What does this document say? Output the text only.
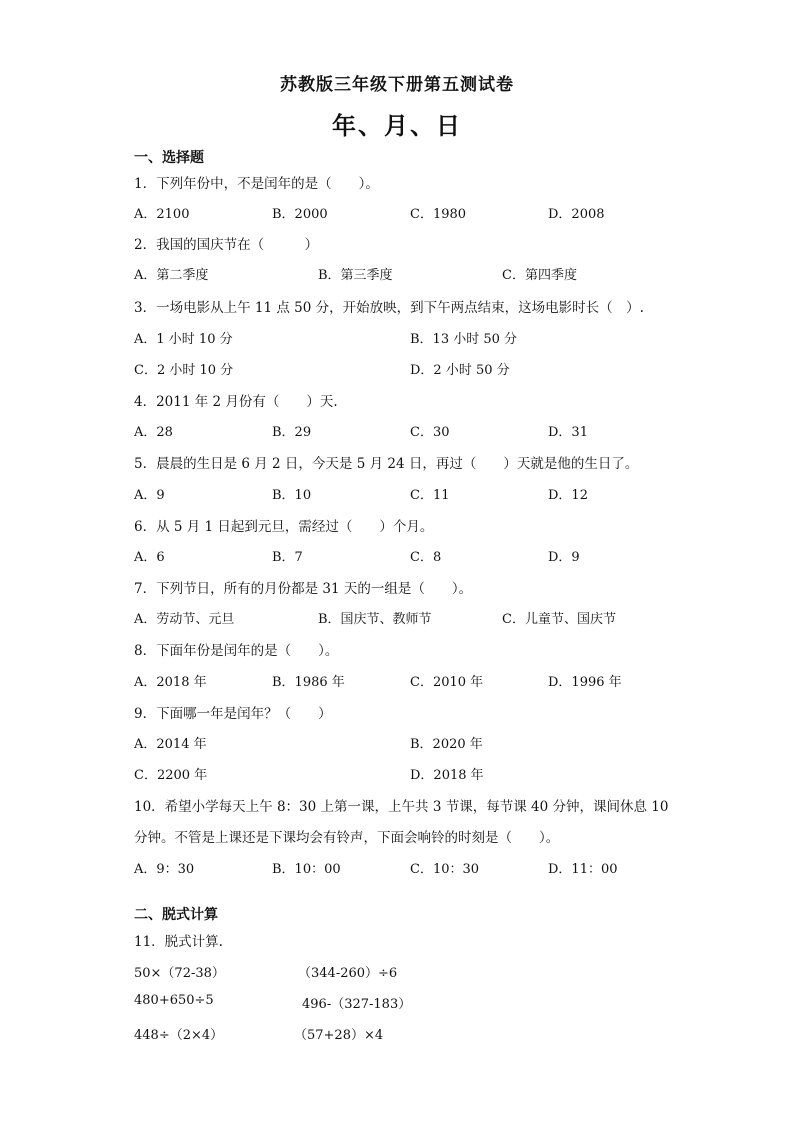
苏教版三年级下册第五测试卷
年、月、日
一、选择题
1．下列年份中，不是闰年的是（　　）。
A．2100	B．2000	C．1980	D．2008
2．我国的国庆节在（　　　）
A．第二季度	B．第三季度	C．第四季度
3．一场电影从上午 11 点 50 分，开始放映，到下午两点结束，这场电影时长（　）.
A．1 小时 10 分	B．13 小时 50 分
C．2 小时 10 分	D．2 小时 50 分
4．2011 年 2 月份有（　　）天.
A．28	B．29	C．30	D．31
5．晨晨的生日是 6 月 2 日，今天是 5 月 24 日，再过（　　）天就是他的生日了。
A．9	B．10	C．11	D．12
6．从 5 月 1 日起到元旦，需经过（　　）个月。
A．6	B．7	C．8	D．9
7．下列节日，所有的月份都是 31 天的一组是（　　）。
A．劳动节、元旦	B．国庆节、教师节	C．儿童节、国庆节
8．下面年份是闰年的是（　　）。
A．2018 年	B．1986 年	C．2010 年	D．1996 年
9．下面哪一年是闰年？（　　）
A．2014 年	B．2020 年
C．2200 年	D．2018 年
10．希望小学每天上午 8：30 上第一课，上午共 3 节课，每节课 40 分钟，课间休息 10
分钟。不管是上课还是下课均会有铃声，下面会响铃的时刻是（　　）。
A．9：30	B．10：00	C．10：30	D．11：00
二、脱式计算
11．脱式计算.
50×（72-38）	（344-260）÷6
480+650÷5	496-（327-183）
448÷（2×4）	（57+28）×4
